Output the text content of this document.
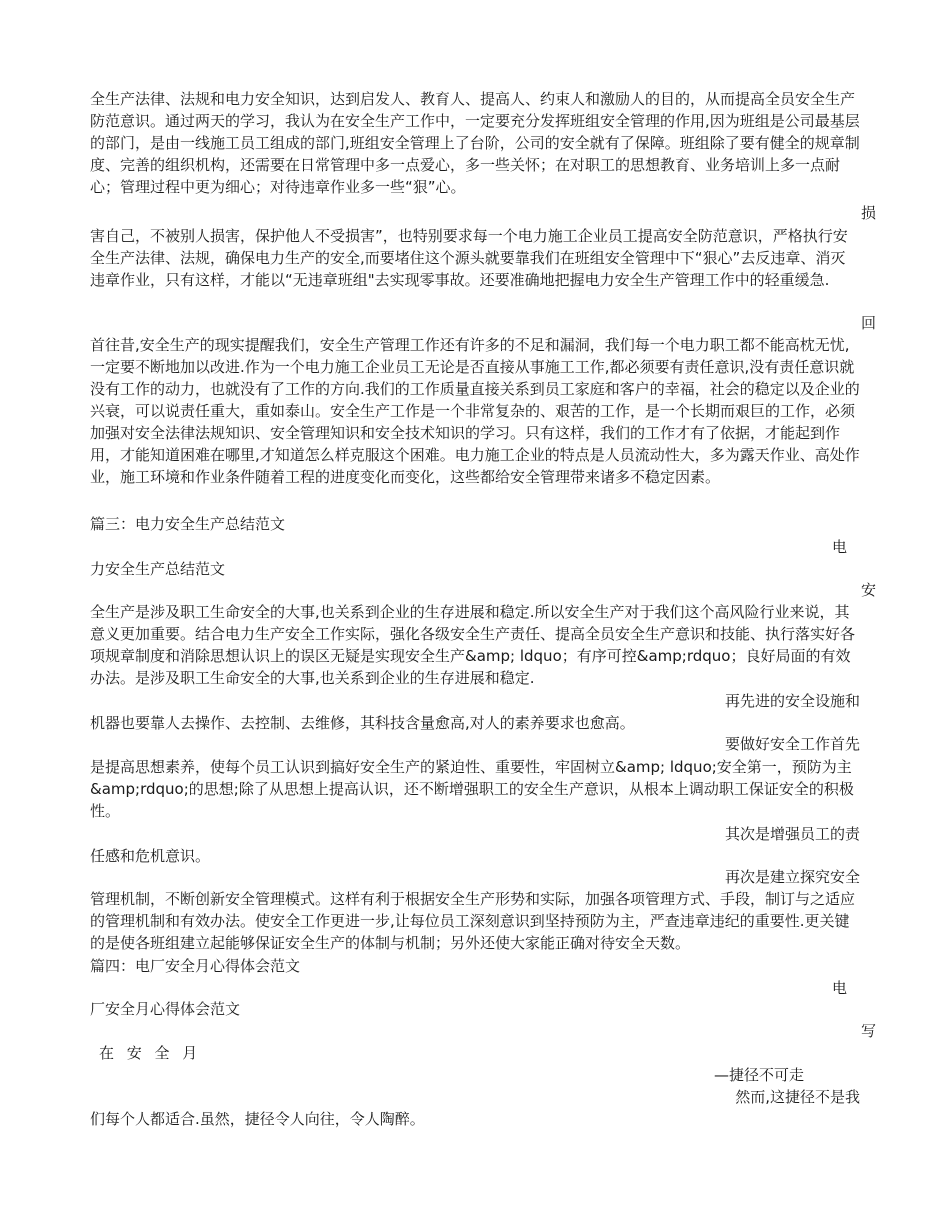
全生产法律、法规和电力安全知识，达到启发人、教育人、提高人、约束人和激励人的目的，从而提高全员安全生产防范意识。通过两天的学习，我认为在安全生产工作中，一定要充分发挥班组安全管理的作用,因为班组是公司最基层的部门，是由一线施工员工组成的部门,班组安全管理上了台阶，公司的安全就有了保障。班组除了要有健全的规章制度、完善的组织机构，还需要在日常管理中多一点爱心，多一些关怀；在对职工的思想教育、业务培训上多一点耐心；管理过程中更为细心；对待违章作业多一些“狠”心。

损

害自己，不被别人损害，保护他人不受损害”，也特别要求每一个电力施工企业员工提高安全防范意识，严格执行安全生产法律、法规，确保电力生产的安全,而要堵住这个源头就要靠我们在班组安全管理中下“狠心”去反违章、消灭违章作业，只有这样，才能以“无违章班组"去实现零事故。还要准确地把握电力安全生产管理工作中的轻重缓急.

回

首往昔,安全生产的现实提醒我们，安全生产管理工作还有许多的不足和漏洞，我们每一个电力职工都不能高枕无忧,一定要不断地加以改进.作为一个电力施工企业员工无论是否直接从事施工工作,都必须要有责任意识,没有责任意识就没有工作的动力，也就没有了工作的方向.我们的工作质量直接关系到员工家庭和客户的幸福，社会的稳定以及企业的兴衰，可以说责任重大，重如泰山。安全生产工作是一个非常复杂的、艰苦的工作，是一个长期而艰巨的工作，必须加强对安全法律法规知识、安全管理知识和安全技术知识的学习。只有这样，我们的工作才有了依据，才能起到作用，才能知道困难在哪里,才知道怎么样克服这个困难。电力施工企业的特点是人员流动性大，多为露天作业、高处作业，施工环境和作业条件随着工程的进度变化而变化，这些都给安全管理带来诸多不稳定因素。

篇三：电力安全生产总结范文
电
力安全生产总结范文
安

全生产是涉及职工生命安全的大事,也关系到企业的生存进展和稳定.所以安全生产对于我们这个高风险行业来说，其意义更加重要。结合电力生产安全工作实际，强化各级安全生产责任、提高全员安全生产意识和技能、执行落实好各项规章制度和消除思想认识上的误区无疑是实现安全生产&amp; ldquo；有序可控&amp;rdquo；良好局面的有效办法。是涉及职工生命安全的大事,也关系到企业的生存进展和稳定.

再先进的安全设施和
机器也要靠人去操作、去控制、去维修，其科技含量愈高,对人的素养要求也愈高。
要做好安全工作首先

是提高思想素养，使每个员工认识到搞好安全生产的紧迫性、重要性，牢固树立&amp; ldquo;安全第一，预防为主&amp;rdquo;的思想;除了从思想上提高认识，还不断增强职工的安全生产意识，从根本上调动职工保证安全的积极性。

其次是增强员工的责
任感和危机意识。
再次是建立探究安全

管理机制，不断创新安全管理模式。这样有利于根据安全生产形势和实际，加强各项管理方式、手段，制订与之适应的管理机制和有效办法。使安全工作更进一步,让每位员工深刻意识到坚持预防为主，严查违章违纪的重要性.更关键的是使各班组建立起能够保证安全生产的体制与机制；另外还使大家能正确对待安全天数。

篇四：电厂安全月心得体会范文
电
厂安全月心得体会范文
写
在 安 全 月
—捷径不可走
然而,这捷径不是我
们每个人都适合.虽然，捷径令人向往，令人陶醉。
